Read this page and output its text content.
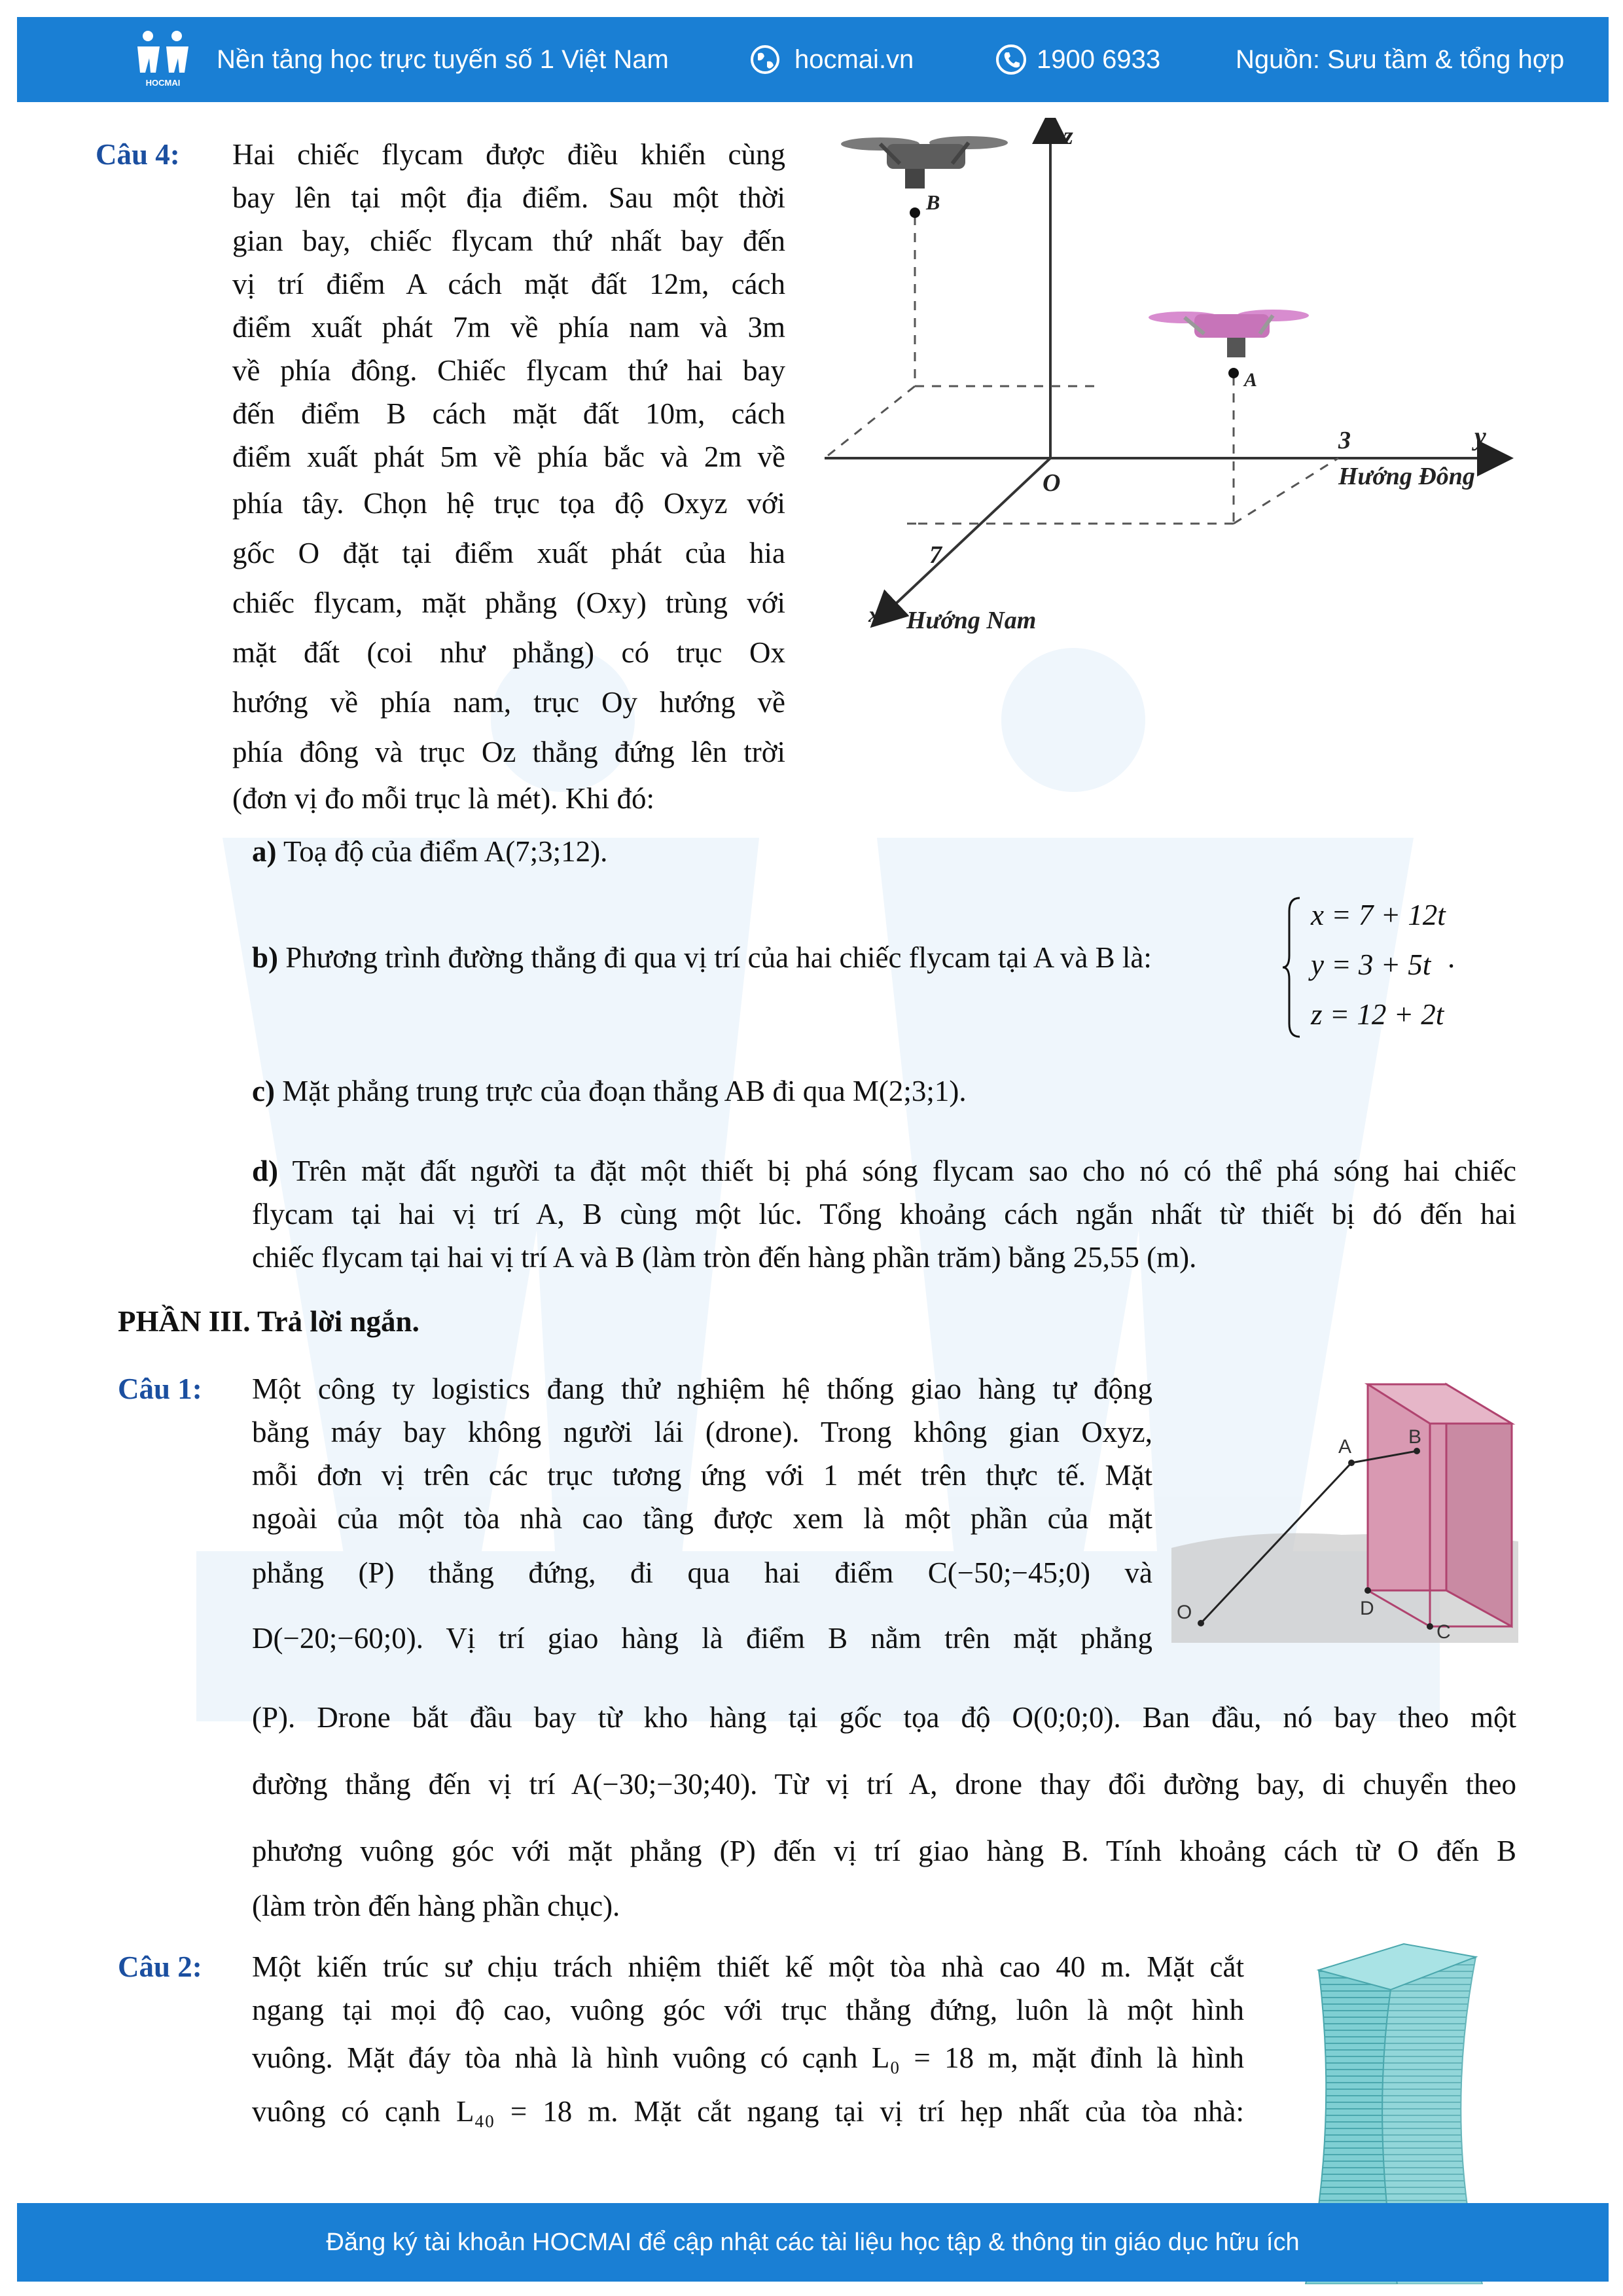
HOCMAI
Nền tảng học trực tuyến số 1 Việt Nam	hocmai.vn	1900 6933	Nguồn: Sưu tầm & tổng hợp
Câu 4: Hai chiếc flycam được điều khiển cùng
bay lên tại một địa điểm. Sau một thời
gian bay, chiếc flycam thứ nhất bay đến
vị trí điểm A cách mặt đất 12m, cách
điểm xuất phát 7m về phía nam và 3m
về phía đông. Chiếc flycam thứ hai bay
đến điểm B cách mặt đất 10m, cách
điểm xuất phát 5m về phía bắc và 2m về
phía tây. Chọn hệ trục tọa độ Oxyz với
gốc O đặt tại điểm xuất phát của hia
chiếc flycam, mặt phẳng (Oxy) trùng với
mặt đất (coi như phẳng) có trục Ox
hướng về phía nam, trục Oy hướng về
phía đông và trục Oz thẳng đứng lên trời
(đơn vị đo mỗi trục là mét). Khi đó:
z
y
x
O
A
B
3
7
Hướng Đông
Hướng Nam
a) Toạ độ của điểm A(7;3;12).
b) Phương trình đường thẳng đi qua vị trí của hai chiếc flycam tại A và B là:
x = 7 + 12t
y = 3 + 5t
z = 12 + 2t
.
c) Mặt phẳng trung trực của đoạn thẳng AB đi qua M(2;3;1).
d) Trên mặt đất người ta đặt một thiết bị phá sóng flycam sao cho nó có thể phá sóng hai chiếc
flycam tại hai vị trí A, B cùng một lúc. Tổng khoảng cách ngắn nhất từ thiết bị đó đến hai
chiếc flycam tại hai vị trí A và B (làm tròn đến hàng phần trăm) bằng 25,55 (m).
PHẦN III. Trả lời ngắn.
Câu 1: Một công ty logistics đang thử nghiệm hệ thống giao hàng tự động
bằng máy bay không người lái (drone). Trong không gian Oxyz,
mỗi đơn vị trên các trục tương ứng với 1 mét trên thực tế. Mặt
ngoài của một tòa nhà cao tầng được xem là một phần của mặt
phẳng (P) thẳng đứng, đi qua hai điểm C(−50;−45;0) và
D(−20;−60;0). Vị trí giao hàng là điểm B nằm trên mặt phẳng
(P). Drone bắt đầu bay từ kho hàng tại gốc tọa độ O(0;0;0). Ban đầu, nó bay theo một
đường thẳng đến vị trí A(−30;−30;40). Từ vị trí A, drone thay đổi đường bay, di chuyển theo
phương vuông góc với mặt phẳng (P) đến vị trí giao hàng B. Tính khoảng cách từ O đến B
(làm tròn đến hàng phần chục).
O
A	B
D
C
Câu 2: Một kiến trúc sư chịu trách nhiệm thiết kế một tòa nhà cao 40 m. Mặt cắt
ngang tại mọi độ cao, vuông góc với trục thẳng đứng, luôn là một hình
vuông. Mặt đáy tòa nhà là hình vuông có cạnh L₀ = 18 m, mặt đỉnh là hình
vuông có cạnh L₄₀ = 18 m. Mặt cắt ngang tại vị trí hẹp nhất của tòa nhà:
Đăng ký tài khoản HOCMAI để cập nhật các tài liệu học tập & thông tin giáo dục hữu ích
